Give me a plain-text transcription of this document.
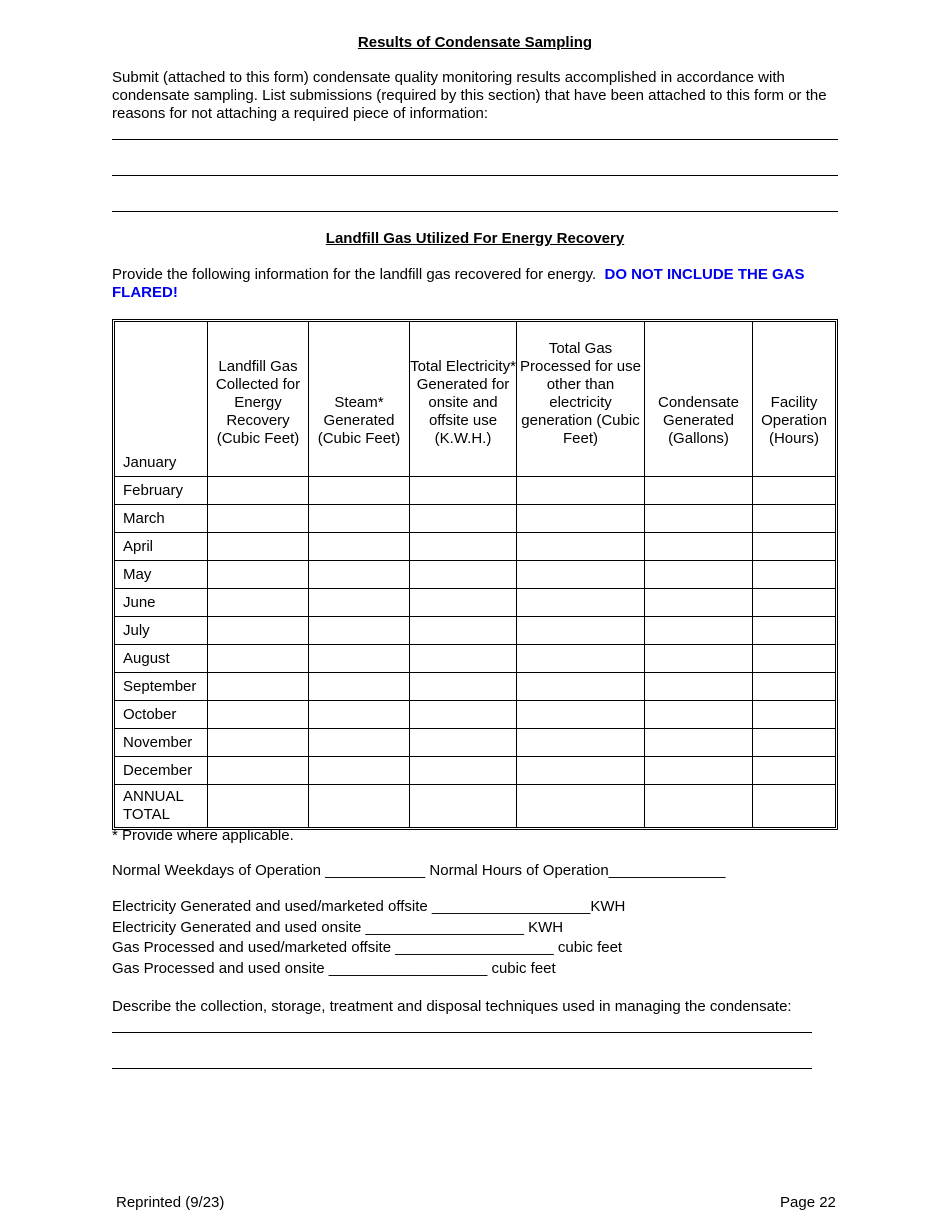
Results of Condensate Sampling
Submit (attached to this form) condensate quality monitoring results accomplished in accordance with condensate sampling. List submissions (required by this section) that have been attached to this form or the reasons for not attaching a required piece of information:
Landfill Gas Utilized For Energy Recovery
Provide the following information for the landfill gas recovered for energy. DO NOT INCLUDE THE GAS FLARED!
	Landfill Gas Collected for Energy Recovery (Cubic Feet)	Steam* Generated (Cubic Feet)	Total Electricity* Generated for onsite and offsite use (K.W.H.)	Total Gas Processed for use other than electricity generation (Cubic Feet)	Condensate Generated (Gallons)	Facility Operation (Hours)
January						
February						
March						
April						
May						
June						
July						
August						
September						
October						
November						
December						
ANNUAL TOTAL						
* Provide where applicable.
Normal Weekdays of Operation ____________ Normal Hours of Operation______________
Electricity Generated and used/marketed offsite ___________________KWH
Electricity Generated and used onsite ___________________ KWH
Gas Processed and used/marketed offsite ___________________ cubic feet
Gas Processed and used onsite ___________________ cubic feet
Describe the collection, storage, treatment and disposal techniques used in managing the condensate:
Reprinted (9/23)	Page 22
